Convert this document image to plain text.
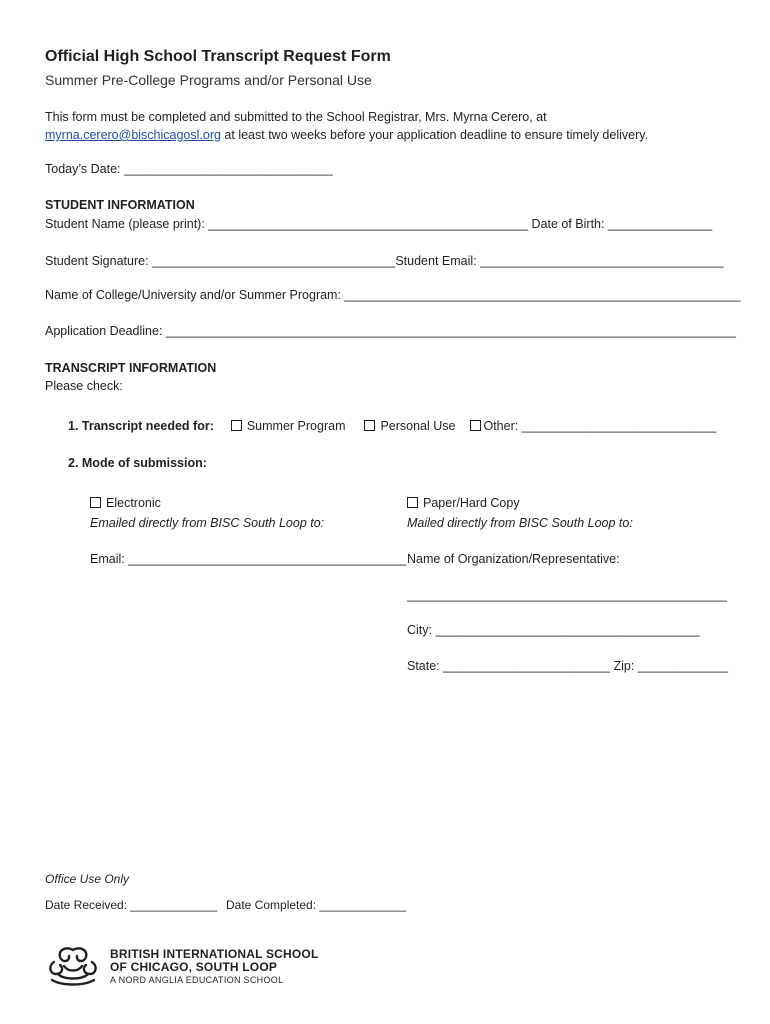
Official High School Transcript Request Form
Summer Pre-College Programs and/or Personal Use
This form must be completed and submitted to the School Registrar, Mrs. Myrna Cerero, at
myrna.cerero@bischicagosl.org at least two weeks before your application deadline to ensure timely delivery.
Today’s Date: ______________________________
STUDENT INFORMATION
Student Name (please print): ______________________________________________ Date of Birth: _______________
Student Signature: ___________________________________Student Email: ___________________________________
Name of College/University and/or Summer Program: _________________________________________________________
Application Deadline: __________________________________________________________________________________
TRANSCRIPT INFORMATION
Please check:
1. Transcript needed for:	Summer Program	Personal Use Other: ____________________________
2. Mode of submission:
Electronic
Emailed directly from BISC South Loop to:
Email: ________________________________________
Paper/Hard Copy
Mailed directly from BISC South Loop to:
Name of Organization/Representative:
______________________________________________
City: ______________________________________
State: ________________________ Zip: _____________
Office Use Only
Date Received: _____________ Date Completed: _____________
BRITISH INTERNATIONAL SCHOOL
OF CHICAGO, SOUTH LOOP
A NORD ANGLIA EDUCATION SCHOOL
